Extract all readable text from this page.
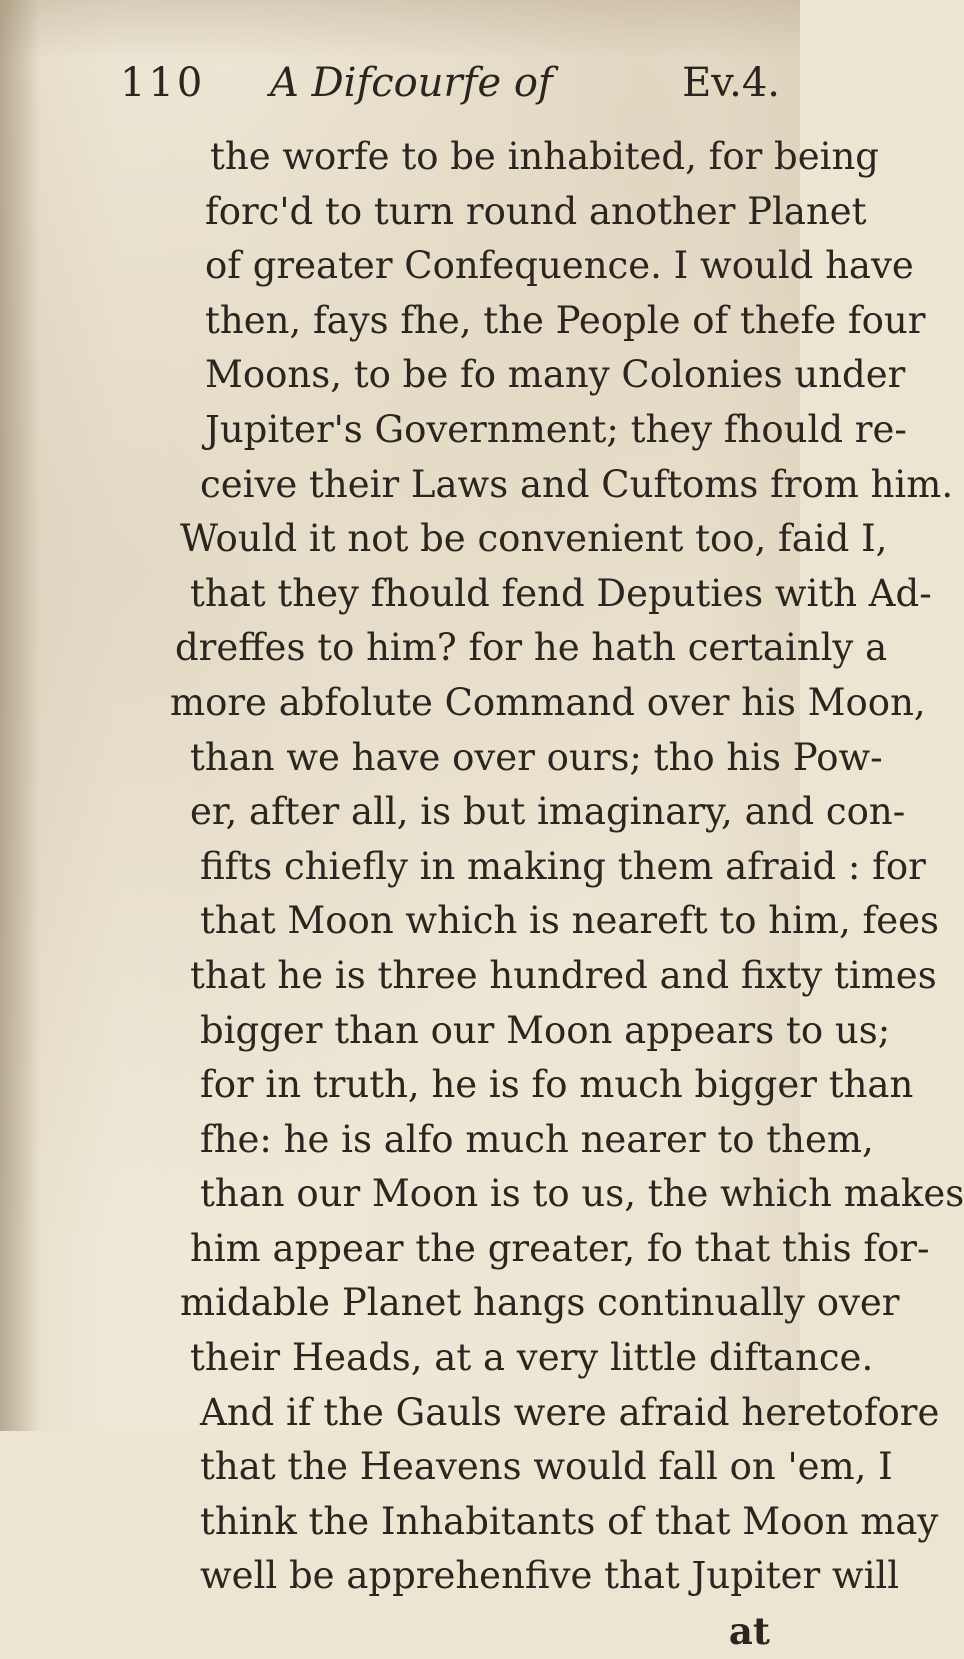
110 A Difcourfe of	Ev.4.
the worfe to be inhabited, for being
forc'd to turn round another Planet
of greater Confequence. I would have
then, fays fhe, the People of thefe four
Moons, to be fo many Colonies under
Jupiter's Government; they fhould re-
ceive their Laws and Cuftoms from him.
Would it not be convenient too, faid I,
that they fhould fend Deputies with Ad-
dreffes to him? for he hath certainly a
more abfolute Command over his Moon,
than we have over ours; tho his Pow-
er, after all, is but imaginary, and con-
fifts chiefly in making them afraid : for
that Moon which is neareft to him, fees
that he is three hundred and fixty times
bigger than our Moon appears to us;
for in truth, he is fo much bigger than
fhe: he is alfo much nearer to them,
than our Moon is to us, the which makes
him appear the greater, fo that this for-
midable Planet hangs continually over
their Heads, at a very little diftance.
And if the Gauls were afraid heretofore
that the Heavens would fall on 'em, I
think the Inhabitants of that Moon may
well be apprehenfive that Jupiter will
at
